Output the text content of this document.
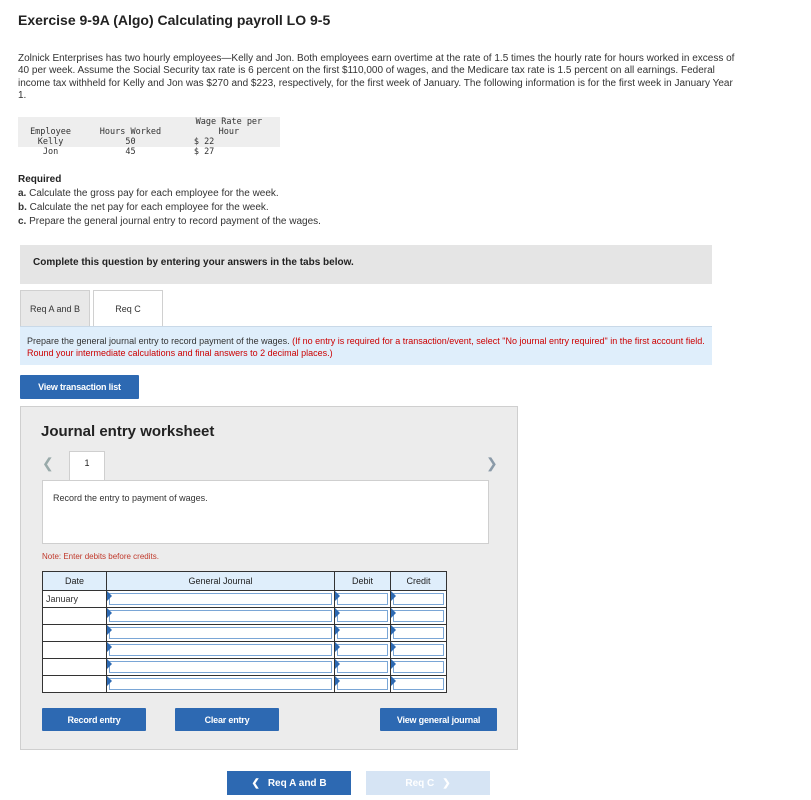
Exercise 9-9A (Algo) Calculating payroll LO 9-5
Zolnick Enterprises has two hourly employees—Kelly and Jon. Both employees earn overtime at the rate of 1.5 times the hourly rate for hours worked in excess of 40 per week. Assume the Social Security tax rate is 6 percent on the first $110,000 of wages, and the Medicare tax rate is 1.5 percent on all earnings. Federal income tax withheld for Kelly and Jon was $270 and $223, respectively, for the first week of January. The following information is for the first week in January Year 1.
Employee	Hours Worked	Wage Rate per
Hour
Kelly	50	$ 22
Jon	45	$ 27
Required
a. Calculate the gross pay for each employee for the week.
b. Calculate the net pay for each employee for the week.
c. Prepare the general journal entry to record payment of the wages.
Complete this question by entering your answers in the tabs below.
Req A and B	Req C

Prepare the general journal entry to record payment of the wages. (If no entry is required for a transaction/event, select "No journal entry required" in the first account field. Round your intermediate calculations and final answers to 2 decimal places.)

View transaction list
Journal entry worksheet
❮	1	❯
Record the entry to payment of wages.
Note: Enter debits before credits.
Date	General Journal	Debit	Credit
January	

Record entry	Clear entry	View general journal
❮ Req A and B	Req C ❯
